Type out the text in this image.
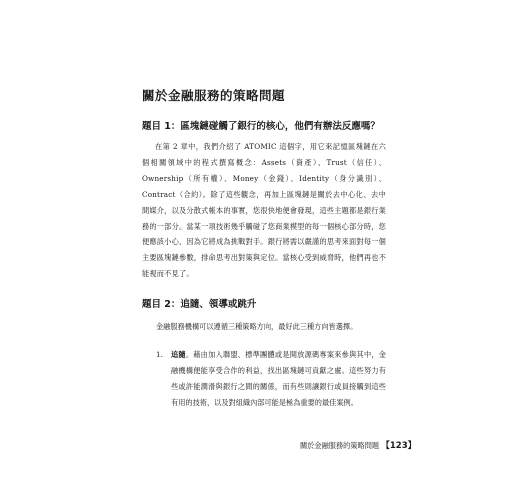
關於金融服務的策略問題
題目 1：區塊鏈碰觸了銀行的核心，他們有辦法反應嗎？

在第 2 章中，我們介紹了 ATOMIC 這個字，用它來記憶區塊鏈在六個相關領域中的程式撰寫概念：Assets（資產）、Trust（信任）、Ownership（所有權）、Money（金錢）、Identity（身分識別）、Contract（合約）。除了這些觀念，再加上區塊鏈是關於去中心化、去中間媒介，以及分散式帳本的事實，您很快地便會發現，這些主題都是銀行業務的一部分。當某一項技術幾乎觸碰了您商業模型的每一個核心部分時，您便應該小心，因為它將成為挑戰對手。銀行將需以嚴謹的思考來面對每一個主要區塊鏈參數，排命思考出對策與定位。當核心受到威脅時，他們再也不能視而不見了。

題目 2：追隨、領導或跳升
金融服務機構可以遵循三種策略方向，最好此三種方向皆選擇。
1. 追隨。藉由加入聯盟、標準團體或是開放源碼專案來參與其中，金融機構便能享受合作的利益，找出區塊鏈可貢獻之處。這些努力有些或許能潤滑與銀行之間的關係，而有些則讓銀行或員接觸到這些有用的技術，以及對組織內部可能是極為重要的最佳案例。
關於金融服務的策略問題 【123】
